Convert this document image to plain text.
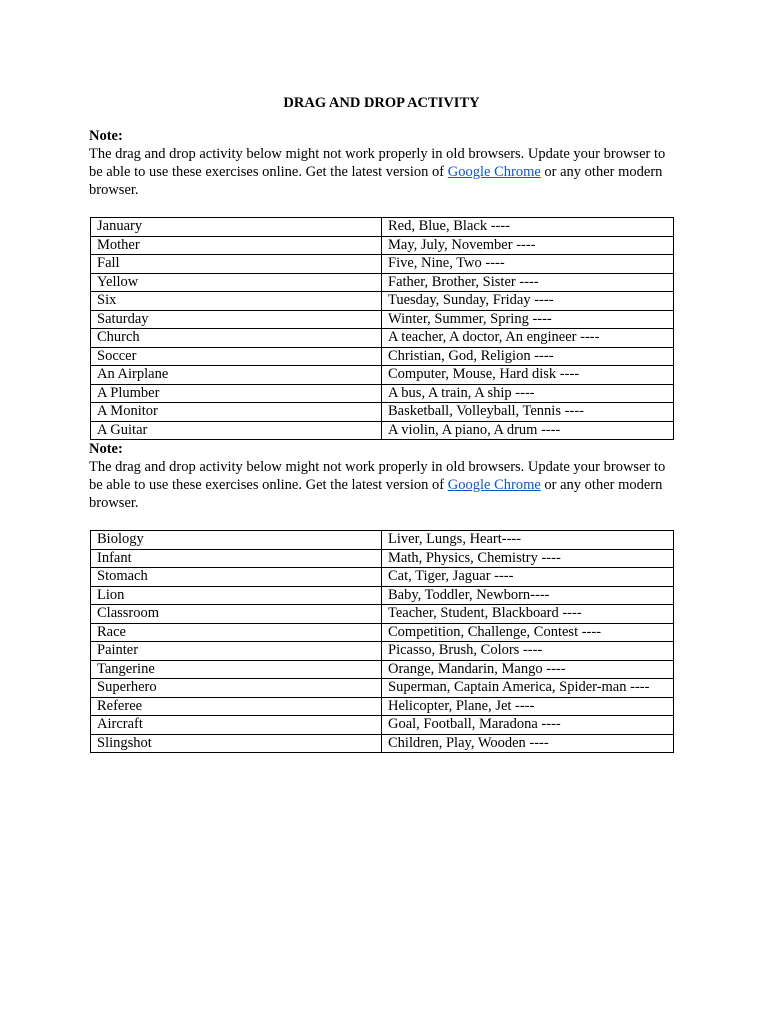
DRAG AND DROP ACTIVITY
Note:
The drag and drop activity below might not work properly in old browsers. Update your browser to be able to use these exercises online. Get the latest version of Google Chrome or any other modern browser.
January	Red, Blue, Black ----
Mother	May, July, November ----
Fall	Five, Nine, Two ----
Yellow	Father, Brother, Sister ----
Six	Tuesday, Sunday, Friday ----
Saturday	Winter, Summer, Spring ----
Church	A teacher, A doctor, An engineer ----
Soccer	Christian, God, Religion ----
An Airplane	Computer, Mouse, Hard disk ----
A Plumber	A bus, A train, A ship ----
A Monitor	Basketball, Volleyball, Tennis ----
A Guitar	A violin, A piano, A drum ----
Note:
The drag and drop activity below might not work properly in old browsers. Update your browser to be able to use these exercises online. Get the latest version of Google Chrome or any other modern browser.
Biology	Liver, Lungs, Heart----
Infant	Math, Physics, Chemistry ----
Stomach	Cat, Tiger, Jaguar ----
Lion	Baby, Toddler, Newborn----
Classroom	Teacher, Student, Blackboard ----
Race	Competition, Challenge, Contest ----
Painter	Picasso, Brush, Colors ----
Tangerine	Orange, Mandarin, Mango ----
Superhero	Superman, Captain America, Spider-man ----
Referee	Helicopter, Plane, Jet ----
Aircraft	Goal, Football, Maradona ----
Slingshot	Children, Play, Wooden ----
